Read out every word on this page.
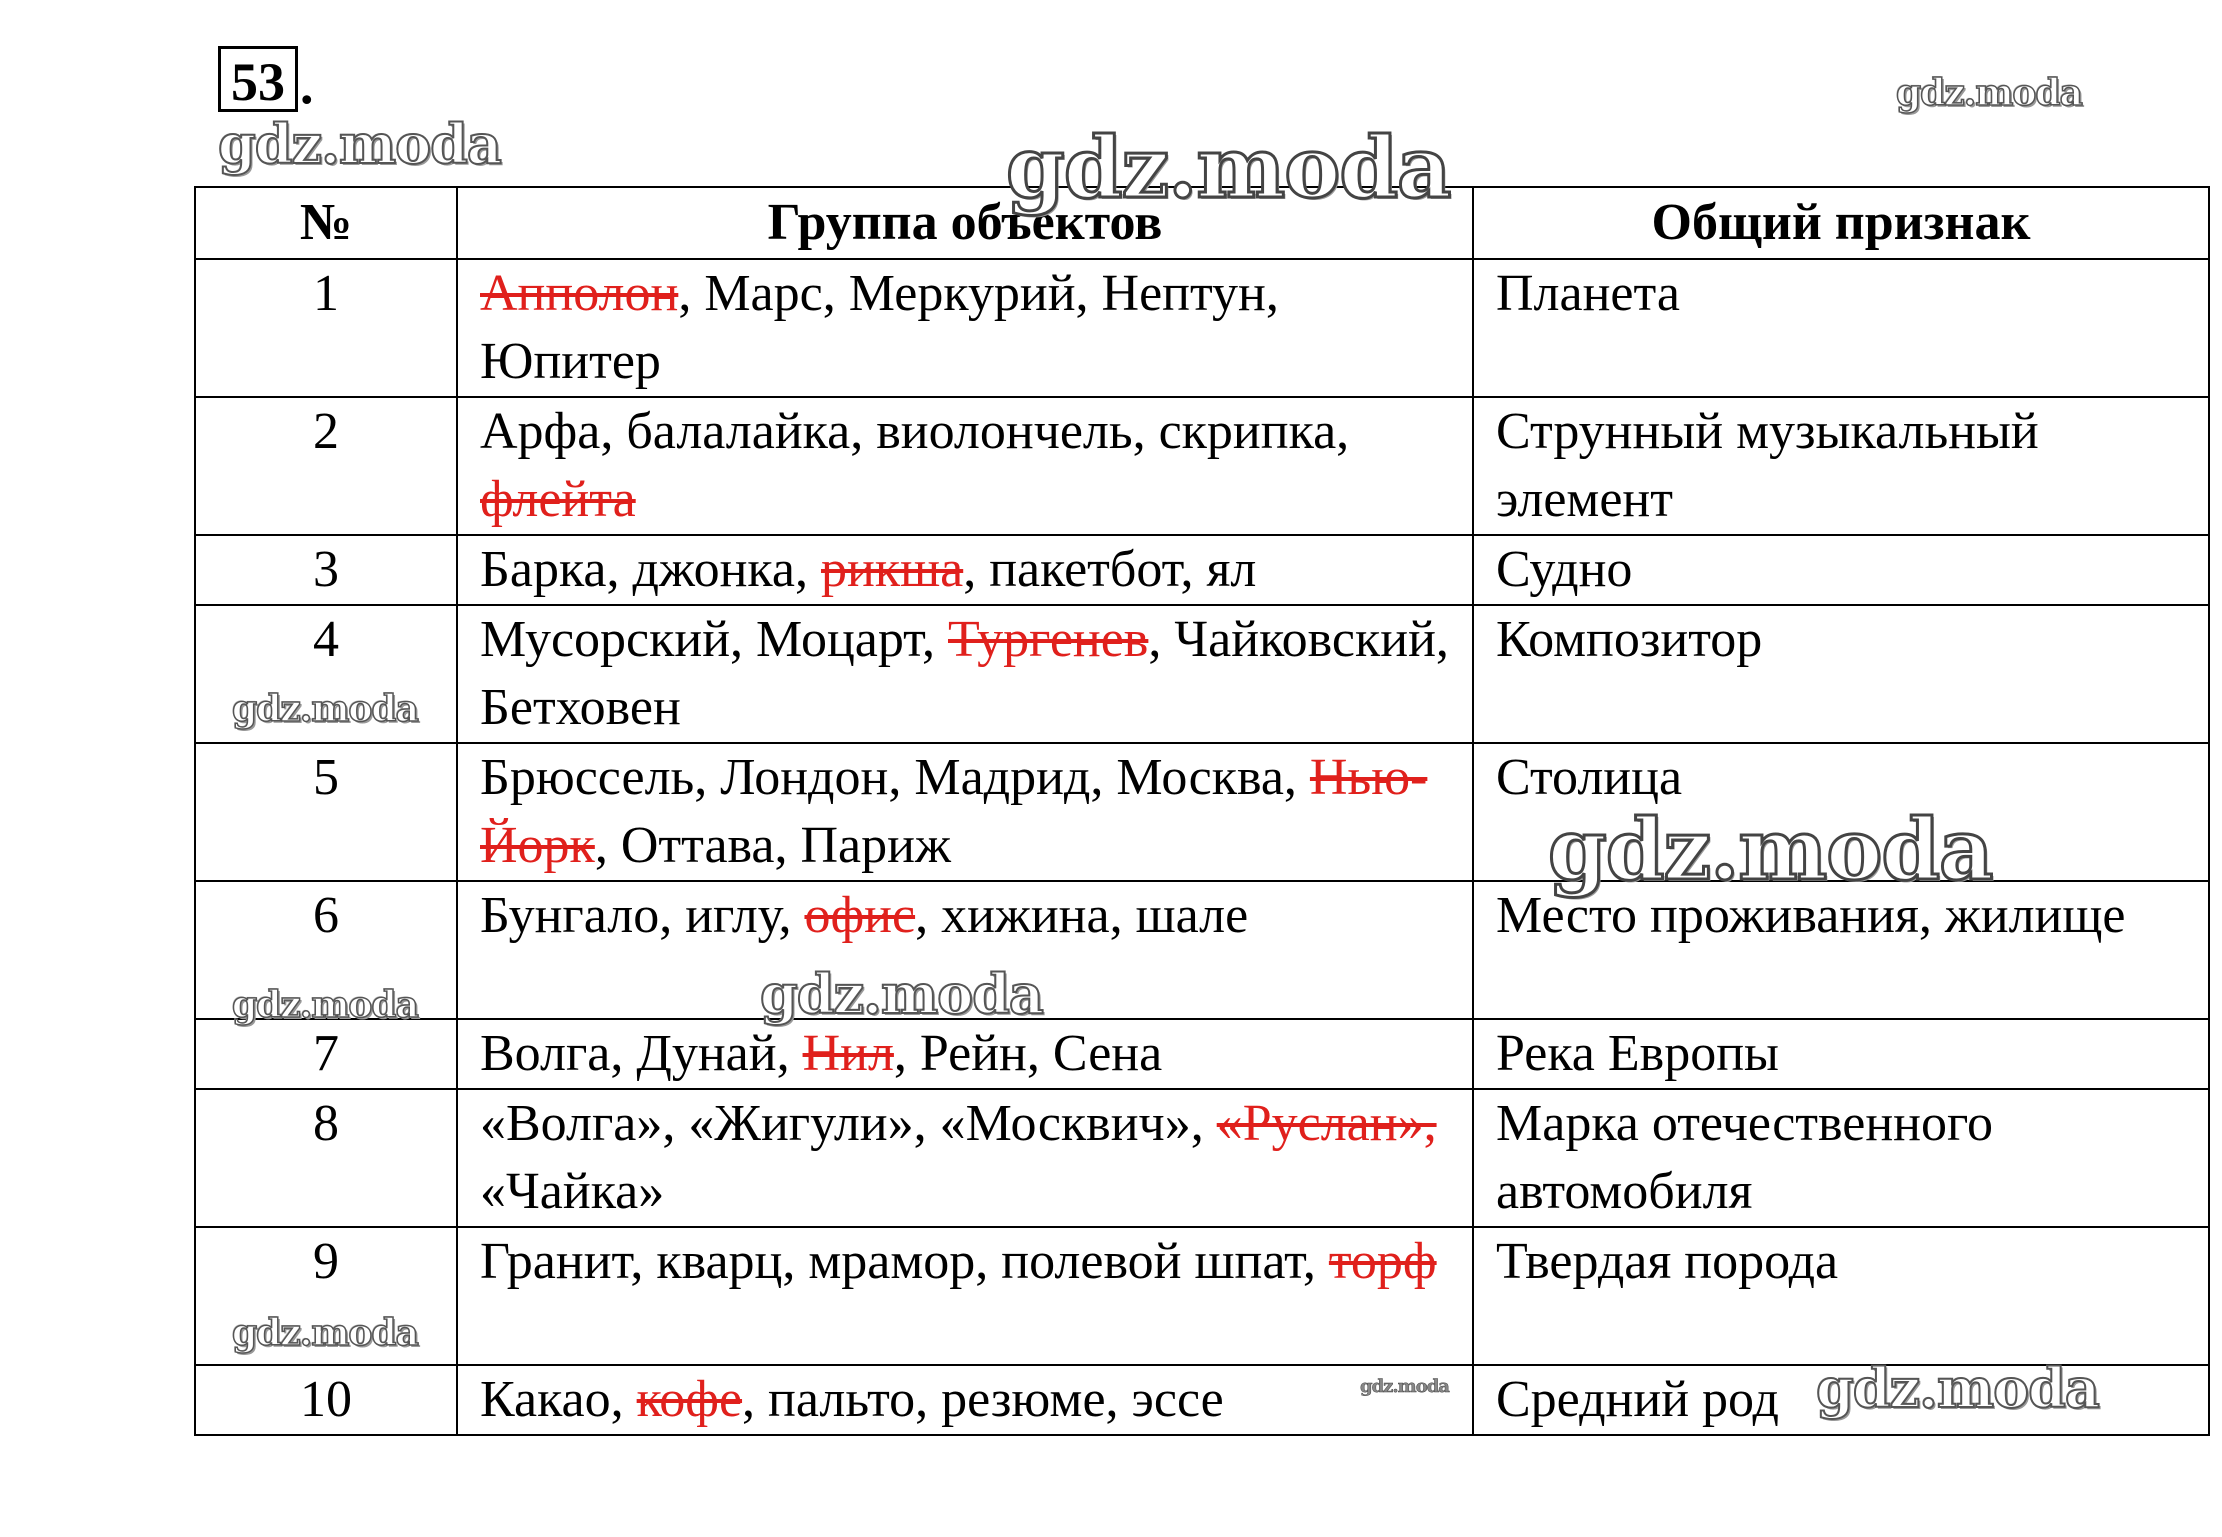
53 .
№	Группа объектов	Общий признак
1	Апполон, Марс, Меркурий, Нептун, Юпитер	Планета
2	Арфа, балалайка, виолончель, скрипка, флейта	Струнный музыкальный элемент
3	Барка, джонка, рикша, пакетбот, ял	Судно
4	Мусорский, Моцарт, Тургенев, Чайковский, Бетховен	Композитор
5	Брюссель, Лондон, Мадрид, Москва, Нью-Йорк, Оттава, Париж	Столица
6	Бунгало, иглу, офис, хижина, шале	Место проживания, жилище
7	Волга, Дунай, Нил, Рейн, Сена	Река Европы
8	«Волга», «Жигули», «Москвич», «Руслан», «Чайка»	Марка отечественного автомобиля
9	Гранит, кварц, мрамор, полевой шпат, торф	Твердая порода
10	Какао, кофе, пальто, резюме, эссе	Средний род
gdz.moda	gdz.moda
gdz.moda
gdz.moda
gdz.moda
gdz.moda
gdz.moda
gdz.moda
gdz.moda	gdz.moda
